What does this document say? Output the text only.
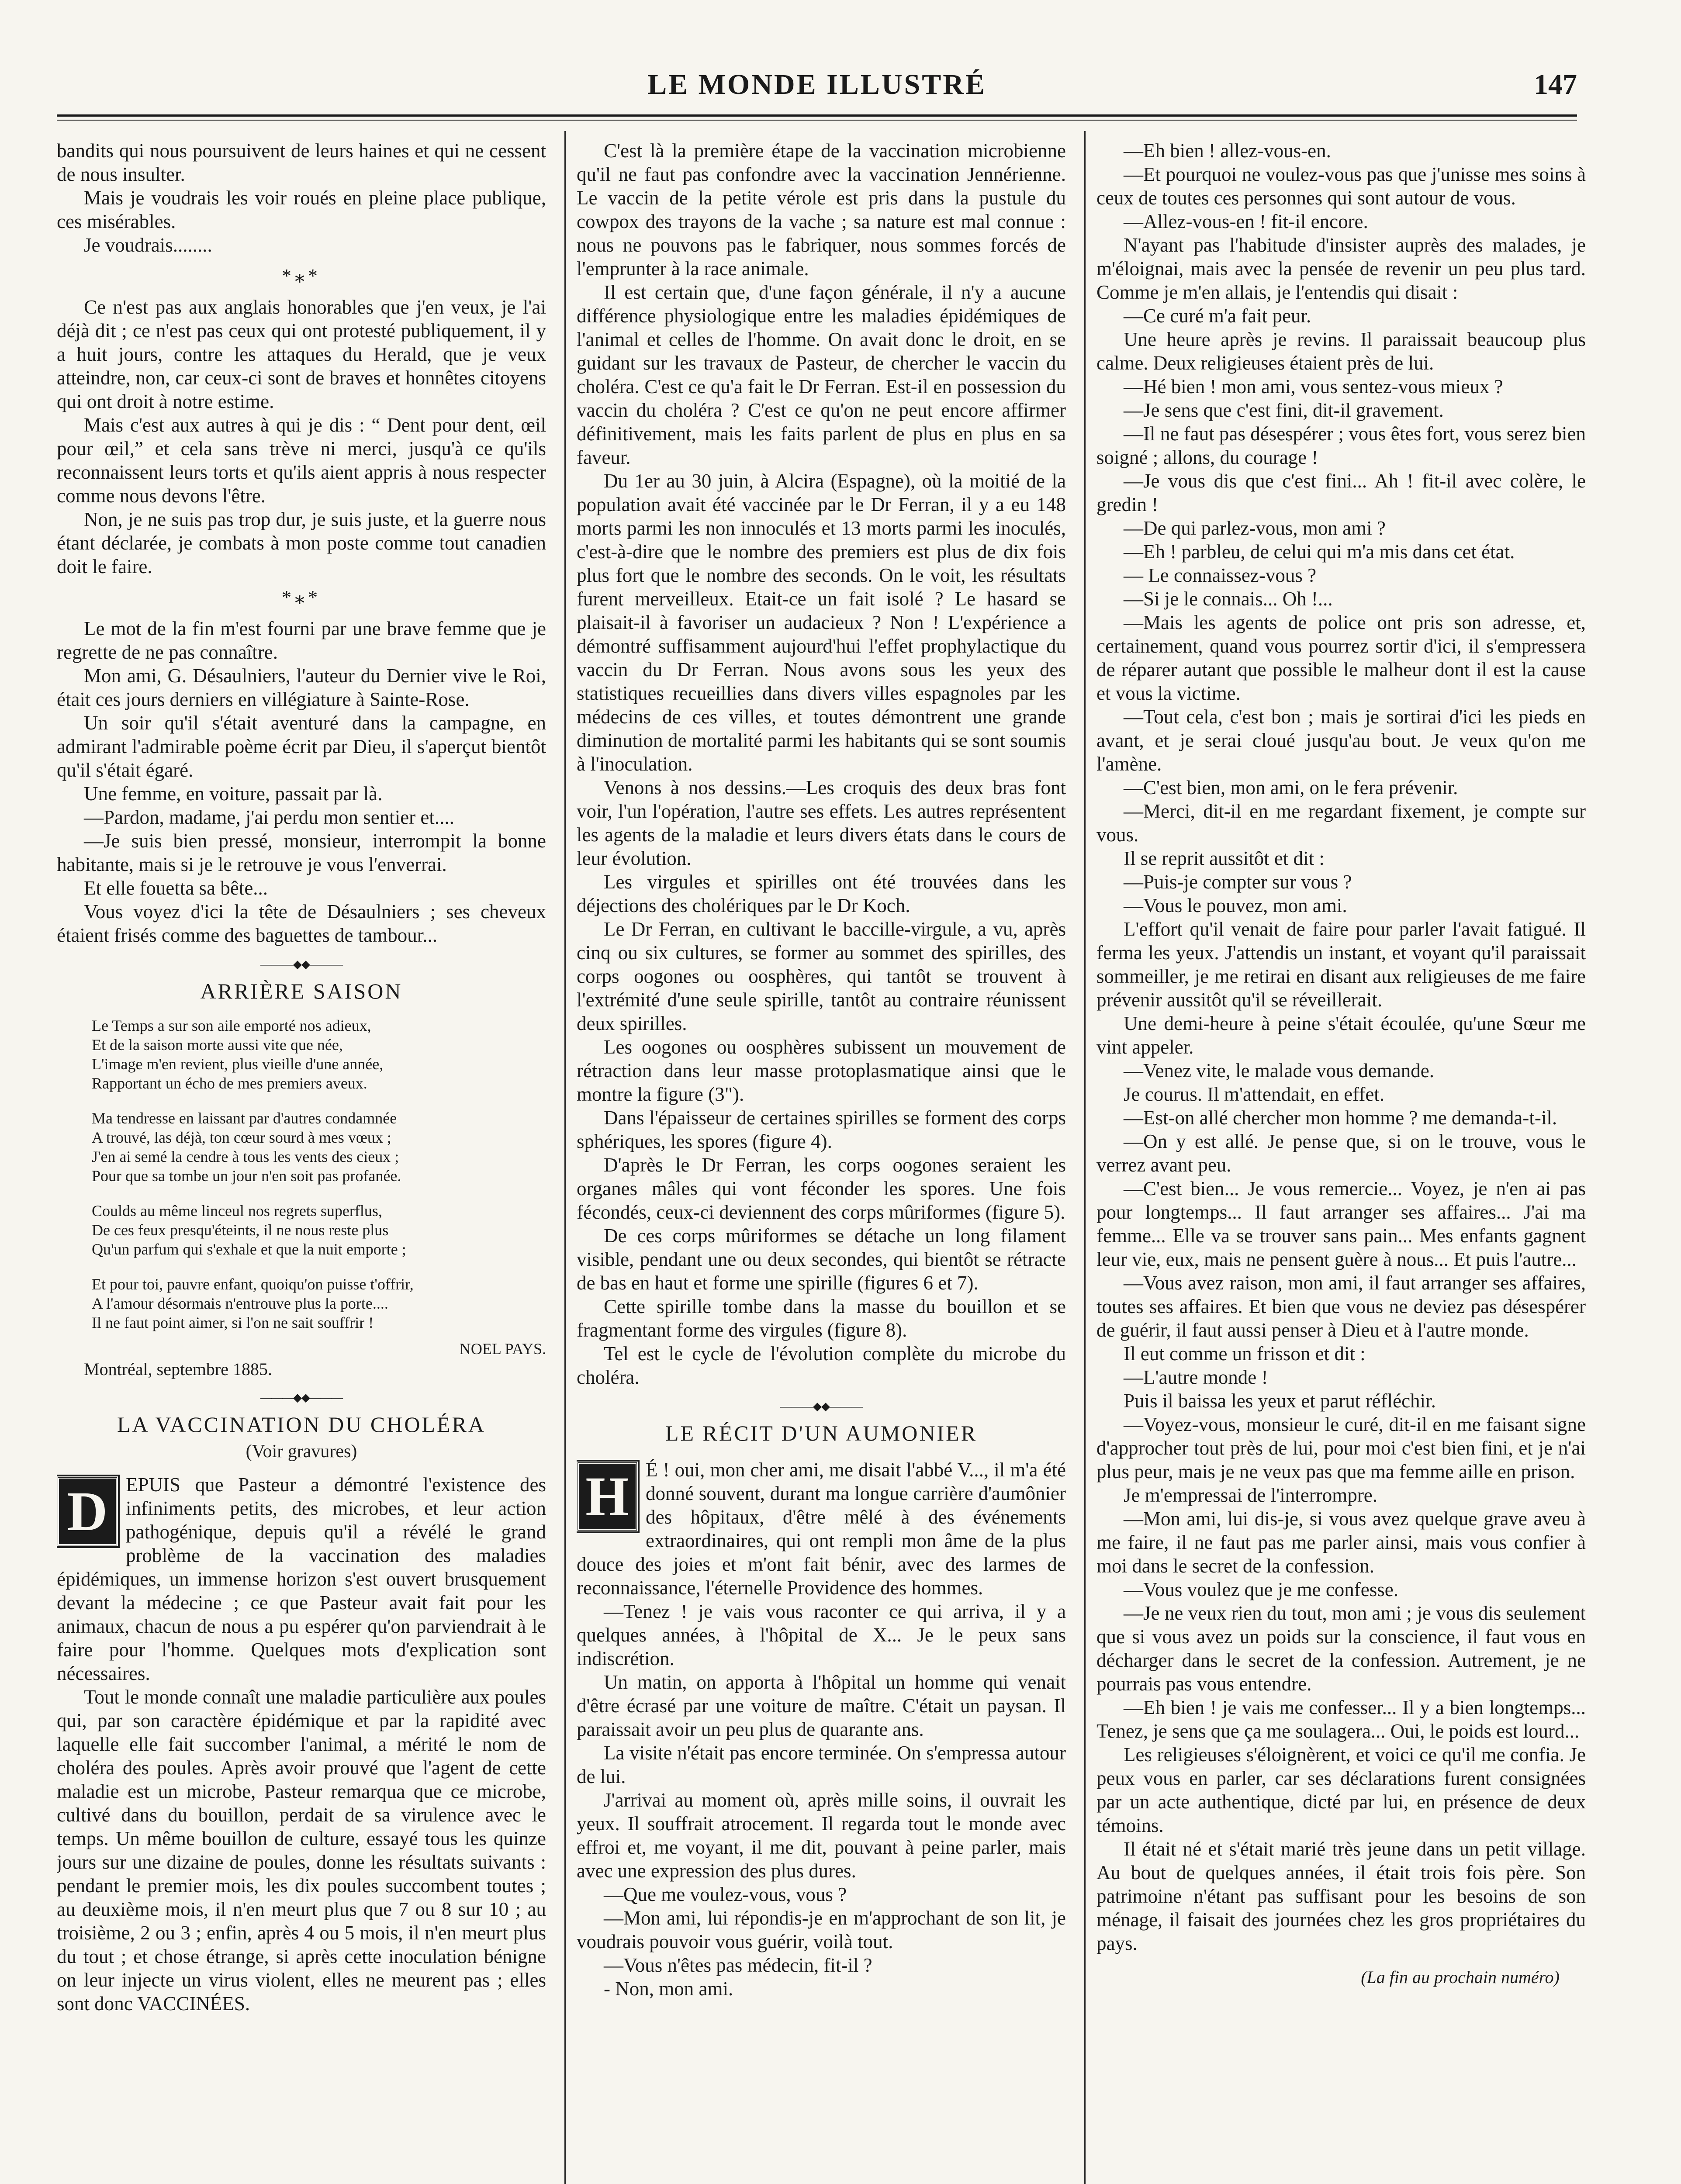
LE MONDE ILLUSTRÉ	147

bandits qui nous poursuivent de leurs haines et qui ne cessent de nous insulter.

Mais je voudrais les voir roués en pleine place publique, ces misérables.

Je voudrais........

*⁎*

Ce n'est pas aux anglais honorables que j'en veux, je l'ai déjà dit ; ce n'est pas ceux qui ont protesté publiquement, il y a huit jours, contre les attaques du Herald, que je veux atteindre, non, car ceux-ci sont de braves et honnêtes citoyens qui ont droit à notre estime.

Mais c'est aux autres à qui je dis : “ Dent pour dent, œil pour œil,” et cela sans trève ni merci, jusqu'à ce qu'ils reconnaissent leurs torts et qu'ils aient appris à nous respecter comme nous devons l'être.

Non, je ne suis pas trop dur, je suis juste, et la guerre nous étant déclarée, je combats à mon poste comme tout canadien doit le faire.

*⁎*

Le mot de la fin m'est fourni par une brave femme que je regrette de ne pas connaître.

Mon ami, G. Désaulniers, l'auteur du Dernier vive le Roi, était ces jours derniers en villégiature à Sainte-Rose.

Un soir qu'il s'était aventuré dans la campagne, en admirant l'admirable poème écrit par Dieu, il s'aperçut bientôt qu'il s'était égaré.

Une femme, en voiture, passait par là.

—Pardon, madame, j'ai perdu mon sentier et....

—Je suis bien pressé, monsieur, interrompit la bonne habitante, mais si je le retrouve je vous l'enverrai.

Et elle fouetta sa bête...

Vous voyez d'ici la tête de Désaulniers ; ses cheveux étaient frisés comme des baguettes de tambour...

———◆◆———
ARRIÈRE SAISON
Le Temps a sur son aile emporté nos adieux,
Et de la saison morte aussi vite que née,
L'image m'en revient, plus vieille d'une année,
Rapportant un écho de mes premiers aveux.
Ma tendresse en laissant par d'autres condamnée
A trouvé, las déjà, ton cœur sourd à mes vœux ;
J'en ai semé la cendre à tous les vents des cieux ;
Pour que sa tombe un jour n'en soit pas profanée.
Coulds au même linceul nos regrets superflus,
De ces feux presqu'éteints, il ne nous reste plus
Qu'un parfum qui s'exhale et que la nuit emporte ;
Et pour toi, pauvre enfant, quoiqu'on puisse t'offrir,
A l'amour désormais n'entrouve plus la porte....
Il ne faut point aimer, si l'on ne sait souffrir !
NOEL PAYS.
Montréal, septembre 1885.
———◆◆———
LA VACCINATION DU CHOLÉRA
(Voir gravures)
D EPUIS que Pasteur a démontré l'existence des infiniments petits, des microbes, et leur action pathogénique, depuis qu'il a révélé le grand problème de la vaccination des maladies épidémiques, un immense horizon s'est ouvert brusquement devant la médecine ; ce que Pasteur avait fait pour les animaux, chacun de nous a pu espérer qu'on parviendrait à le faire pour l'homme. Quelques mots d'explication sont nécessaires.

Tout le monde connaît une maladie particulière aux poules qui, par son caractère épidémique et par la rapidité avec laquelle elle fait succomber l'animal, a mérité le nom de choléra des poules. Après avoir prouvé que l'agent de cette maladie est un microbe, Pasteur remarqua que ce microbe, cultivé dans du bouillon, perdait de sa virulence avec le temps. Un même bouillon de culture, essayé tous les quinze jours sur une dizaine de poules, donne les résultats suivants : pendant le premier mois, les dix poules succombent toutes ; au deuxième mois, il n'en meurt plus que 7 ou 8 sur 10 ; au troisième, 2 ou 3 ; enfin, après 4 ou 5 mois, il n'en meurt plus du tout ; et chose étrange, si après cette inoculation bénigne on leur injecte un virus violent, elles ne meurent pas ; elles sont donc VACCINÉES.

C'est là la première étape de la vaccination microbienne qu'il ne faut pas confondre avec la vaccination Jennérienne. Le vaccin de la petite vérole est pris dans la pustule du cowpox des trayons de la vache ; sa nature est mal connue : nous ne pouvons pas le fabriquer, nous sommes forcés de l'emprunter à la race animale.

Il est certain que, d'une façon générale, il n'y a aucune différence physiologique entre les maladies épidémiques de l'animal et celles de l'homme. On avait donc le droit, en se guidant sur les travaux de Pasteur, de chercher le vaccin du choléra. C'est ce qu'a fait le Dr Ferran. Est-il en possession du vaccin du choléra ? C'est ce qu'on ne peut encore affirmer définitivement, mais les faits parlent de plus en plus en sa faveur.

Du 1er au 30 juin, à Alcira (Espagne), où la moitié de la population avait été vaccinée par le Dr Ferran, il y a eu 148 morts parmi les non innoculés et 13 morts parmi les inoculés, c'est-à-dire que le nombre des premiers est plus de dix fois plus fort que le nombre des seconds. On le voit, les résultats furent merveilleux. Etait-ce un fait isolé ? Le hasard se plaisait-il à favoriser un audacieux ? Non ! L'expérience a démontré suffisamment aujourd'hui l'effet prophylactique du vaccin du Dr Ferran. Nous avons sous les yeux des statistiques recueillies dans divers villes espagnoles par les médecins de ces villes, et toutes démontrent une grande diminution de mortalité parmi les habitants qui se sont soumis à l'inoculation.

Venons à nos dessins.—Les croquis des deux bras font voir, l'un l'opération, l'autre ses effets. Les autres représentent les agents de la maladie et leurs divers états dans le cours de leur évolution.

Les virgules et spirilles ont été trouvées dans les déjections des cholériques par le Dr Koch.

Le Dr Ferran, en cultivant le baccille-virgule, a vu, après cinq ou six cultures, se former au sommet des spirilles, des corps oogones ou oosphères, qui tantôt se trouvent à l'extrémité d'une seule spirille, tantôt au contraire réunissent deux spirilles.

Les oogones ou oosphères subissent un mouvement de rétraction dans leur masse protoplasmatique ainsi que le montre la figure (3").

Dans l'épaisseur de certaines spirilles se forment des corps sphériques, les spores (figure 4).

D'après le Dr Ferran, les corps oogones seraient les organes mâles qui vont féconder les spores. Une fois fécondés, ceux-ci deviennent des corps mûriformes (figure 5).

De ces corps mûriformes se détache un long filament visible, pendant une ou deux secondes, qui bientôt se rétracte de bas en haut et forme une spirille (figures 6 et 7).

Cette spirille tombe dans la masse du bouillon et se fragmentant forme des virgules (figure 8).

Tel est le cycle de l'évolution complète du microbe du choléra.

———◆◆———
LE RÉCIT D'UN AUMONIER
H É ! oui, mon cher ami, me disait l'abbé V..., il m'a été donné souvent, durant ma longue carrière d'aumônier des hôpitaux, d'être mêlé à des événements extraordinaires, qui ont rempli mon âme de la plus douce des joies et m'ont fait bénir, avec des larmes de reconnaissance, l'éternelle Providence des hommes.

—Tenez ! je vais vous raconter ce qui arriva, il y a quelques années, à l'hôpital de X... Je le peux sans indiscrétion.

Un matin, on apporta à l'hôpital un homme qui venait d'être écrasé par une voiture de maître. C'était un paysan. Il paraissait avoir un peu plus de quarante ans.

La visite n'était pas encore terminée. On s'empressa autour de lui.

J'arrivai au moment où, après mille soins, il ouvrait les yeux. Il souffrait atrocement. Il regarda tout le monde avec effroi et, me voyant, il me dit, pouvant à peine parler, mais avec une expression des plus dures.

—Que me voulez-vous, vous ?

—Mon ami, lui répondis-je en m'approchant de son lit, je voudrais pouvoir vous guérir, voilà tout.

—Vous n'êtes pas médecin, fit-il ?

- Non, mon ami.

—Eh bien ! allez-vous-en.

—Et pourquoi ne voulez-vous pas que j'unisse mes soins à ceux de toutes ces personnes qui sont autour de vous.

—Allez-vous-en ! fit-il encore.

N'ayant pas l'habitude d'insister auprès des malades, je m'éloignai, mais avec la pensée de revenir un peu plus tard. Comme je m'en allais, je l'entendis qui disait :

—Ce curé m'a fait peur.

Une heure après je revins. Il paraissait beaucoup plus calme. Deux religieuses étaient près de lui.

—Hé bien ! mon ami, vous sentez-vous mieux ?

—Je sens que c'est fini, dit-il gravement.

—Il ne faut pas désespérer ; vous êtes fort, vous serez bien soigné ; allons, du courage !

—Je vous dis que c'est fini... Ah ! fit-il avec colère, le gredin !

—De qui parlez-vous, mon ami ?

—Eh ! parbleu, de celui qui m'a mis dans cet état.

— Le connaissez-vous ?

—Si je le connais... Oh !...

—Mais les agents de police ont pris son adresse, et, certainement, quand vous pourrez sortir d'ici, il s'empressera de réparer autant que possible le malheur dont il est la cause et vous la victime.

—Tout cela, c'est bon ; mais je sortirai d'ici les pieds en avant, et je serai cloué jusqu'au bout. Je veux qu'on me l'amène.

—C'est bien, mon ami, on le fera prévenir.

—Merci, dit-il en me regardant fixement, je compte sur vous.

Il se reprit aussitôt et dit :

—Puis-je compter sur vous ?

—Vous le pouvez, mon ami.

L'effort qu'il venait de faire pour parler l'avait fatigué. Il ferma les yeux. J'attendis un instant, et voyant qu'il paraissait sommeiller, je me retirai en disant aux religieuses de me faire prévenir aussitôt qu'il se réveillerait.

Une demi-heure à peine s'était écoulée, qu'une Sœur me vint appeler.

—Venez vite, le malade vous demande.

Je courus. Il m'attendait, en effet.

—Est-on allé chercher mon homme ? me demanda-t-il.

—On y est allé. Je pense que, si on le trouve, vous le verrez avant peu.

—C'est bien... Je vous remercie... Voyez, je n'en ai pas pour longtemps... Il faut arranger ses affaires... J'ai ma femme... Elle va se trouver sans pain... Mes enfants gagnent leur vie, eux, mais ne pensent guère à nous... Et puis l'autre...

—Vous avez raison, mon ami, il faut arranger ses affaires, toutes ses affaires. Et bien que vous ne deviez pas désespérer de guérir, il faut aussi penser à Dieu et à l'autre monde.

Il eut comme un frisson et dit :

—L'autre monde !

Puis il baissa les yeux et parut réfléchir.

—Voyez-vous, monsieur le curé, dit-il en me faisant signe d'approcher tout près de lui, pour moi c'est bien fini, et je n'ai plus peur, mais je ne veux pas que ma femme aille en prison.

Je m'empressai de l'interrompre.

—Mon ami, lui dis-je, si vous avez quelque grave aveu à me faire, il ne faut pas me parler ainsi, mais vous confier à moi dans le secret de la confession.

—Vous voulez que je me confesse.

—Je ne veux rien du tout, mon ami ; je vous dis seulement que si vous avez un poids sur la conscience, il faut vous en décharger dans le secret de la confession. Autrement, je ne pourrais pas vous entendre.

—Eh bien ! je vais me confesser... Il y a bien longtemps... Tenez, je sens que ça me soulagera... Oui, le poids est lourd...

Les religieuses s'éloignèrent, et voici ce qu'il me confia. Je peux vous en parler, car ses déclarations furent consignées par un acte authentique, dicté par lui, en présence de deux témoins.

Il était né et s'était marié très jeune dans un petit village. Au bout de quelques années, il était trois fois père. Son patrimoine n'étant pas suffisant pour les besoins de son ménage, il faisait des journées chez les gros propriétaires du pays.

(La fin au prochain numéro)
